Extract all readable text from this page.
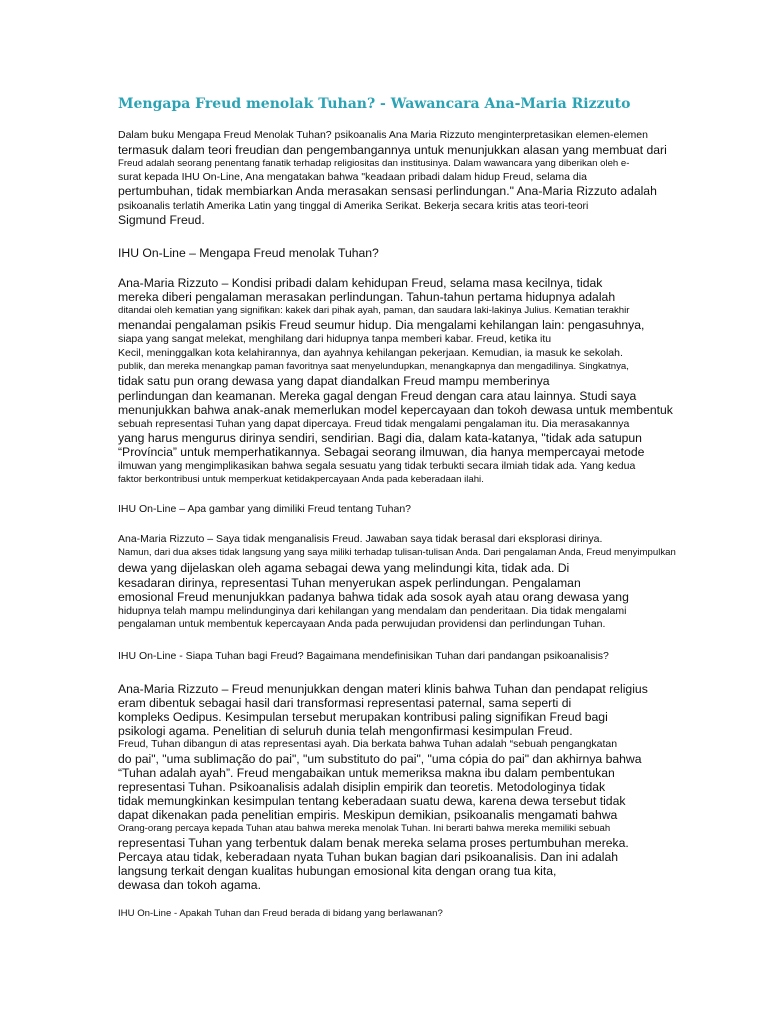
Mengapa Freud menolak Tuhan? - Wawancara Ana-Maria Rizzuto
Dalam buku Mengapa Freud Menolak Tuhan? psikoanalis Ana Maria Rizzuto menginterpretasikan elemen-elemen
termasuk dalam teori freudian dan pengembangannya untuk menunjukkan alasan yang membuat dari
Freud adalah seorang penentang fanatik terhadap religiositas dan institusinya. Dalam wawancara yang diberikan oleh e-
surat kepada IHU On-Line, Ana mengatakan bahwa "keadaan pribadi dalam hidup Freud, selama dia
pertumbuhan, tidak membiarkan Anda merasakan sensasi perlindungan." Ana-Maria Rizzuto adalah
psikoanalis terlatih Amerika Latin yang tinggal di Amerika Serikat. Bekerja secara kritis atas teori-teori
Sigmund Freud.
IHU On-Line – Mengapa Freud menolak Tuhan?
Ana-Maria Rizzuto – Kondisi pribadi dalam kehidupan Freud, selama masa kecilnya, tidak
mereka diberi pengalaman merasakan perlindungan. Tahun-tahun pertama hidupnya adalah
ditandai oleh kematian yang signifikan: kakek dari pihak ayah, paman, dan saudara laki-lakinya Julius. Kematian terakhir
menandai pengalaman psikis Freud seumur hidup. Dia mengalami kehilangan lain: pengasuhnya,
siapa yang sangat melekat, menghilang dari hidupnya tanpa memberi kabar. Freud, ketika itu
Kecil, meninggalkan kota kelahirannya, dan ayahnya kehilangan pekerjaan. Kemudian, ia masuk ke sekolah.
publik, dan mereka menangkap paman favoritnya saat menyelundupkan, menangkapnya dan mengadilinya. Singkatnya,
tidak satu pun orang dewasa yang dapat diandalkan Freud mampu memberinya
perlindungan dan keamanan. Mereka gagal dengan Freud dengan cara atau lainnya. Studi saya
menunjukkan bahwa anak-anak memerlukan model kepercayaan dan tokoh dewasa untuk membentuk
sebuah representasi Tuhan yang dapat dipercaya. Freud tidak mengalami pengalaman itu. Dia merasakannya
yang harus mengurus dirinya sendiri, sendirian. Bagi dia, dalam kata-katanya, "tidak ada satupun
“Província” untuk memperhatikannya. Sebagai seorang ilmuwan, dia hanya mempercayai metode
ilmuwan yang mengimplikasikan bahwa segala sesuatu yang tidak terbukti secara ilmiah tidak ada. Yang kedua
faktor berkontribusi untuk memperkuat ketidakpercayaan Anda pada keberadaan ilahi.
IHU On-Line – Apa gambar yang dimiliki Freud tentang Tuhan?
Ana-Maria Rizzuto – Saya tidak menganalisis Freud. Jawaban saya tidak berasal dari eksplorasi dirinya.
Namun, dari dua akses tidak langsung yang saya miliki terhadap tulisan-tulisan Anda. Dari pengalaman Anda, Freud menyimpulkan
dewa yang dijelaskan oleh agama sebagai dewa yang melindungi kita, tidak ada. Di
kesadaran dirinya, representasi Tuhan menyerukan aspek perlindungan. Pengalaman
emosional Freud menunjukkan padanya bahwa tidak ada sosok ayah atau orang dewasa yang
hidupnya telah mampu melindunginya dari kehilangan yang mendalam dan penderitaan. Dia tidak mengalami
pengalaman untuk membentuk kepercayaan Anda pada perwujudan providensi dan perlindungan Tuhan.
IHU On-Line - Siapa Tuhan bagi Freud? Bagaimana mendefinisikan Tuhan dari pandangan psikoanalisis?
Ana-Maria Rizzuto – Freud menunjukkan dengan materi klinis bahwa Tuhan dan pendapat religius
eram dibentuk sebagai hasil dari transformasi representasi paternal, sama seperti di
kompleks Oedipus. Kesimpulan tersebut merupakan kontribusi paling signifikan Freud bagi
psikologi agama. Penelitian di seluruh dunia telah mengonfirmasi kesimpulan Freud.
Freud, Tuhan dibangun di atas representasi ayah. Dia berkata bahwa Tuhan adalah “sebuah pengangkatan
do pai", "uma sublimação do pai", "um substituto do pai", "uma cópia do pai" dan akhirnya bahwa
“Tuhan adalah ayah”. Freud mengabaikan untuk memeriksa makna ibu dalam pembentukan
representasi Tuhan. Psikoanalisis adalah disiplin empirik dan teoretis. Metodologinya tidak
tidak memungkinkan kesimpulan tentang keberadaan suatu dewa, karena dewa tersebut tidak
dapat dikenakan pada penelitian empiris. Meskipun demikian, psikoanalis mengamati bahwa
Orang-orang percaya kepada Tuhan atau bahwa mereka menolak Tuhan. Ini berarti bahwa mereka memiliki sebuah
representasi Tuhan yang terbentuk dalam benak mereka selama proses pertumbuhan mereka.
Percaya atau tidak, keberadaan nyata Tuhan bukan bagian dari psikoanalisis. Dan ini adalah
langsung terkait dengan kualitas hubungan emosional kita dengan orang tua kita,
dewasa dan tokoh agama.
IHU On-Line - Apakah Tuhan dan Freud berada di bidang yang berlawanan?
